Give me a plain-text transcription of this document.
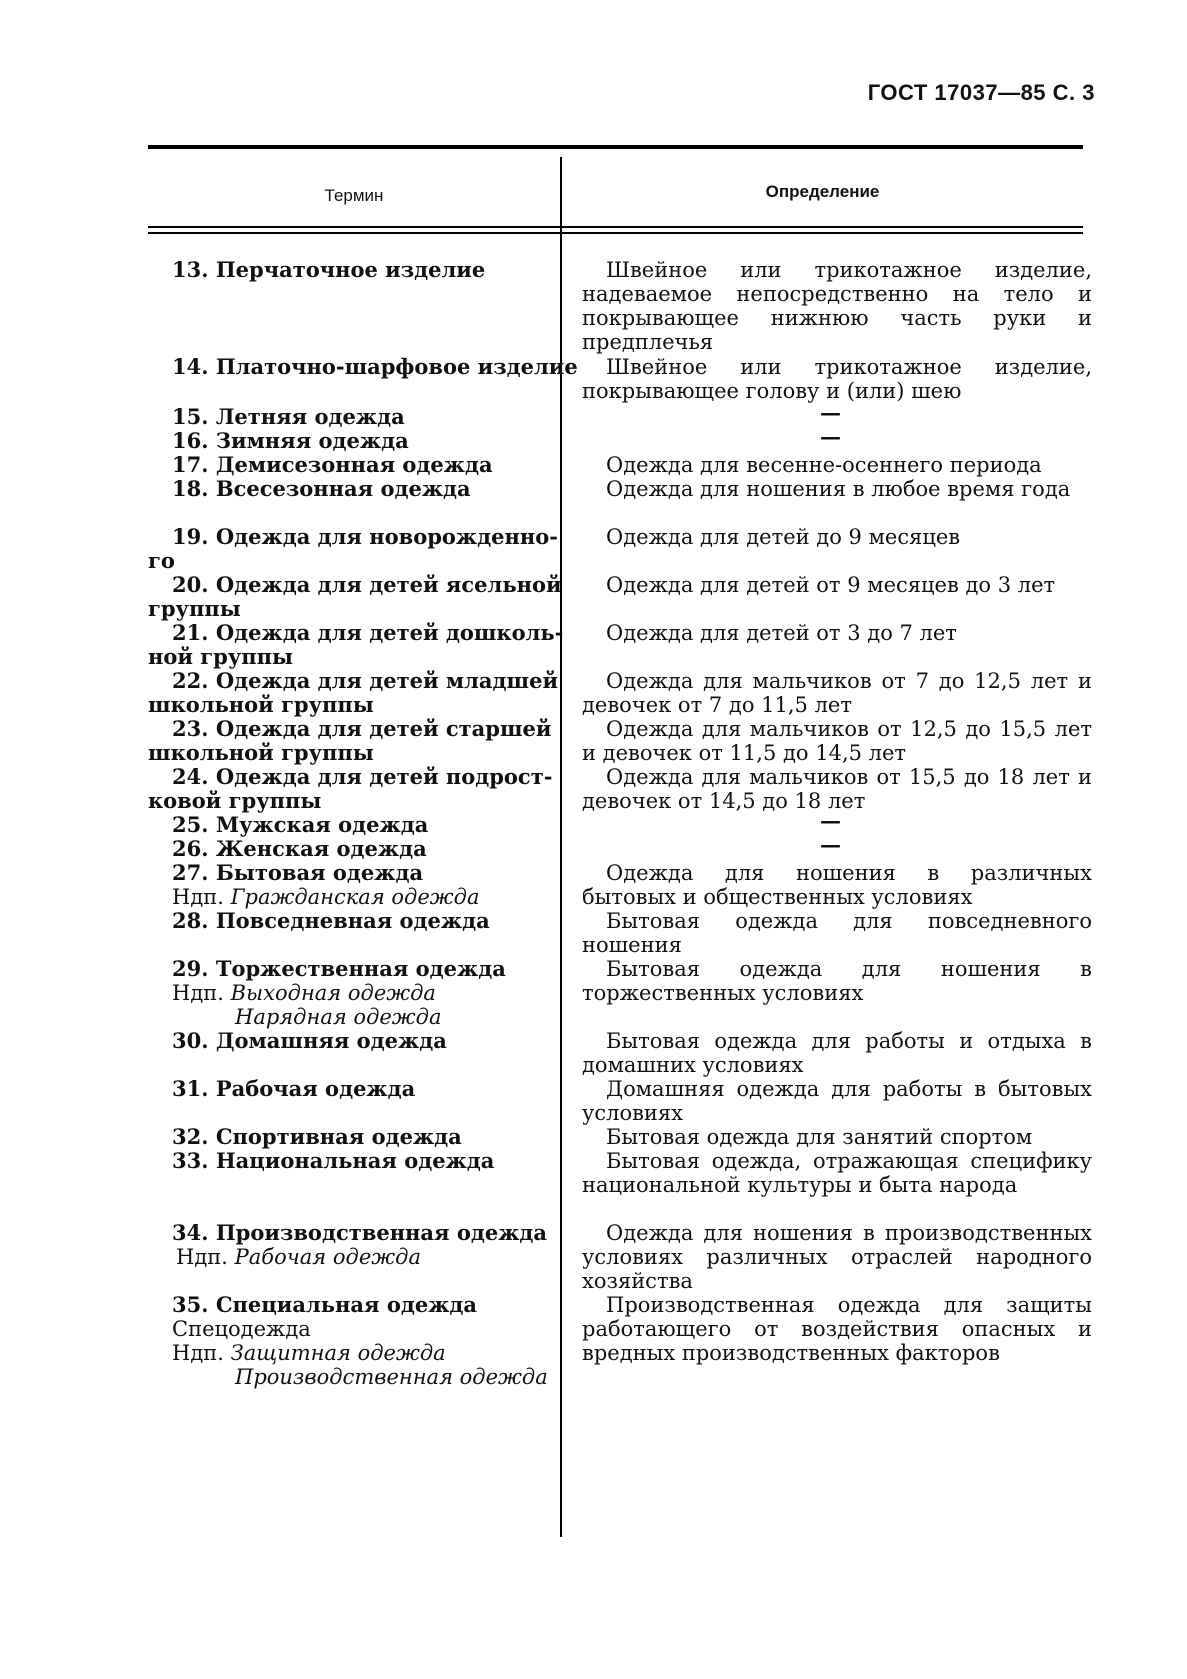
ГОСТ 17037—85 С. 3
Термин	Определение
13. Перчаточное изделие
14. Платочно-шарфовое изделие
15. Летняя одежда
16. Зимняя одежда
17. Демисезонная одежда
18. Всесезонная одежда
19. Одежда для новорожденно-
го
20. Одежда для детей ясельной
группы
21. Одежда для детей дошколь-
ной группы
22. Одежда для детей младшей
школьной группы
23. Одежда для детей старшей
школьной группы
24. Одежда для детей подрост-
ковой группы
25. Мужская одежда
26. Женская одежда
27. Бытовая одежда
Ндп. Гражданская одежда
28. Повседневная одежда
29. Торжественная одежда
Ндп. Выходная одежда
Нарядная одежда
30. Домашняя одежда
31. Рабочая одежда
32. Спортивная одежда
33. Национальная одежда
34. Производственная одежда
Ндп. Рабочая одежда
35. Специальная одежда
Спецодежда
Ндп. Защитная одежда
Производственная одежда
Швейное или трикотажное изделие, надеваемое непосредственно на тело и покрывающее нижнюю часть руки и предплечья
Швейное или трикотажное изделие, покрывающее голову и (или) шею
—
—
Одежда для весенне-осеннего периода
Одежда для ношения в любое время года
Одежда для детей до 9 месяцев
Одежда для детей от 9 месяцев до 3 лет
Одежда для детей от 3 до 7 лет
Одежда для мальчиков от 7 до 12,5 лет и девочек от 7 до 11,5 лет
Одежда для мальчиков от 12,5 до 15,5 лет и девочек от 11,5 до 14,5 лет
Одежда для мальчиков от 15,5 до 18 лет и девочек от 14,5 до 18 лет
—
—
Одежда для ношения в различных бытовых и общественных условиях
Бытовая одежда для повседневного ношения
Бытовая одежда для ношения в торжественных условиях
Бытовая одежда для работы и отдыха в домашних условиях
Домашняя одежда для работы в бытовых условиях
Бытовая одежда для занятий спортом
Бытовая одежда, отражающая специфику национальной культуры и быта народа
Одежда для ношения в производственных условиях различных отраслей народного хозяйства
Производственная одежда для защиты работающего от воздействия опасных и вредных производственных факторов
